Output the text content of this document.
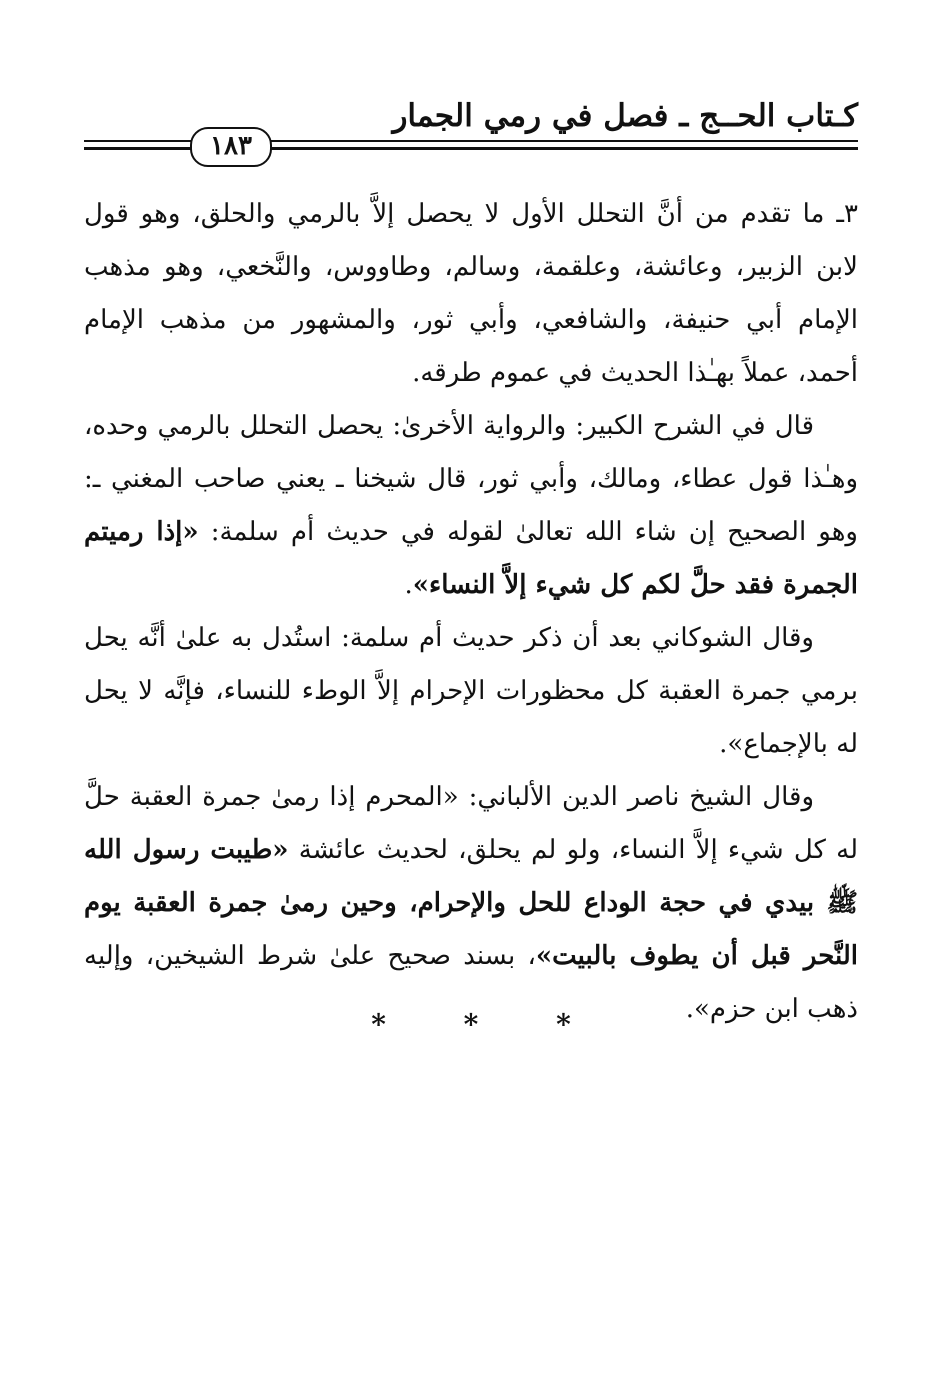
كـتاب الحــج ـ فصل في رمي الجمار
١٨٣

٣ـ ما تقدم من أنَّ التحلل الأول لا يحصل إلاَّ بالرمي والحلق، وهو قول لابن الزبير، وعائشة، وعلقمة، وسالم، وطاووس، والنَّخعي، وهو مذهب الإمام أبي حنيفة، والشافعي، وأبي ثور، والمشهور من مذهب الإمام أحمد، عملاً بهـٰذا الحديث في عموم طرقه.

قال في الشرح الكبير: والرواية الأخرىٰ: يحصل التحلل بالرمي وحده، وهـٰذا قول عطاء، ومالك، وأبي ثور، قال شيخنا ـ يعني صاحب المغني ـ: وهو الصحيح إن شاء الله تعالىٰ لقوله في حديث أم سلمة: «إذا رميتم الجمرة فقد حلَّ لكم كل شيء إلاَّ النساء».

وقال الشوكاني بعد أن ذكر حديث أم سلمة: استُدل به علىٰ أنَّه يحل برمي جمرة العقبة كل محظورات الإحرام إلاَّ الوطء للنساء، فإنَّه لا يحل له بالإجماع».

وقال الشيخ ناصر الدين الألباني: «المحرم إذا رمىٰ جمرة العقبة حلَّ له كل شيء إلاَّ النساء، ولو لم يحلق، لحديث عائشة «طيبت رسول الله ﷺ بيدي في حجة الوداع للحل والإحرام، وحين رمىٰ جمرة العقبة يوم النَّحر قبل أن يطوف بالبيت»، بسند صحيح علىٰ شرط الشيخين، وإليه ذهب ابن حزم».

* * *
